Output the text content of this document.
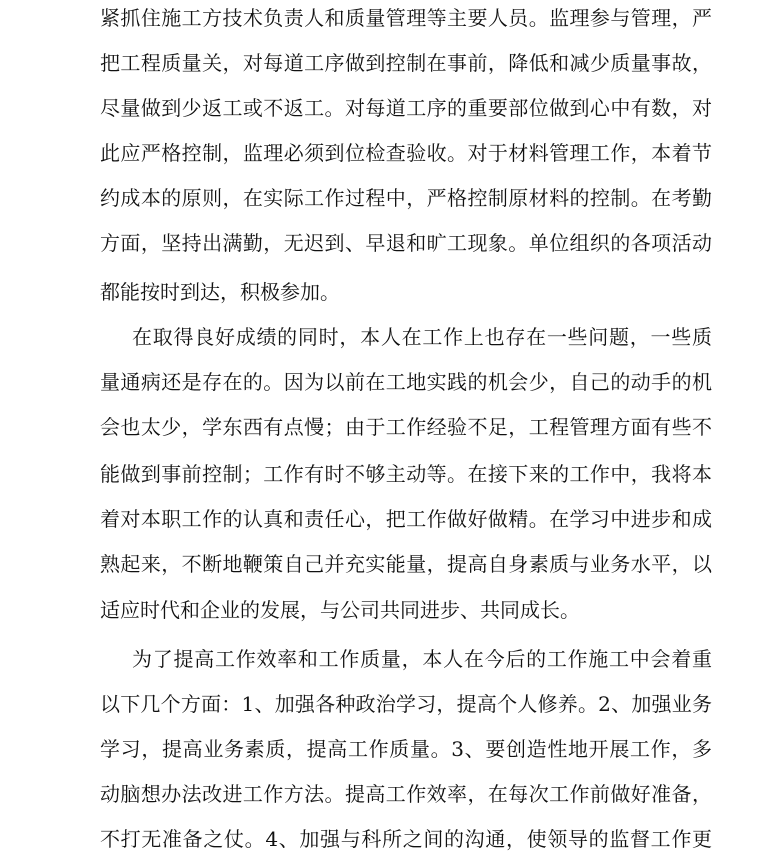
紧抓住施工方技术负责人和质量管理等主要人员。监理参与管理，严
把工程质量关，对每道工序做到控制在事前，降低和减少质量事故，
尽量做到少返工或不返工。对每道工序的重要部位做到心中有数，对
此应严格控制，监理必须到位检查验收。对于材料管理工作，本着节
约成本的原则，在实际工作过程中，严格控制原材料的控制。在考勤
方面，坚持出满勤，无迟到、早退和旷工现象。单位组织的各项活动
都能按时到达，积极参加。
在取得良好成绩的同时，本人在工作上也存在一些问题，一些质
量通病还是存在的。因为以前在工地实践的机会少，自己的动手的机
会也太少，学东西有点慢；由于工作经验不足，工程管理方面有些不
能做到事前控制；工作有时不够主动等。在接下来的工作中，我将本
着对本职工作的认真和责任心，把工作做好做精。在学习中进步和成
熟起来，不断地鞭策自己并充实能量，提高自身素质与业务水平，以
适应时代和企业的发展，与公司共同进步、共同成长。
为了提高工作效率和工作质量，本人在今后的工作施工中会着重
以下几个方面：1、加强各种政治学习，提高个人修养。2、加强业务
学习，提高业务素质，提高工作质量。3、要创造性地开展工作，多
动脑想办法改进工作方法。提高工作效率，在每次工作前做好准备，
不打无准备之仗。4、加强与科所之间的沟通，使领导的监督工作更
